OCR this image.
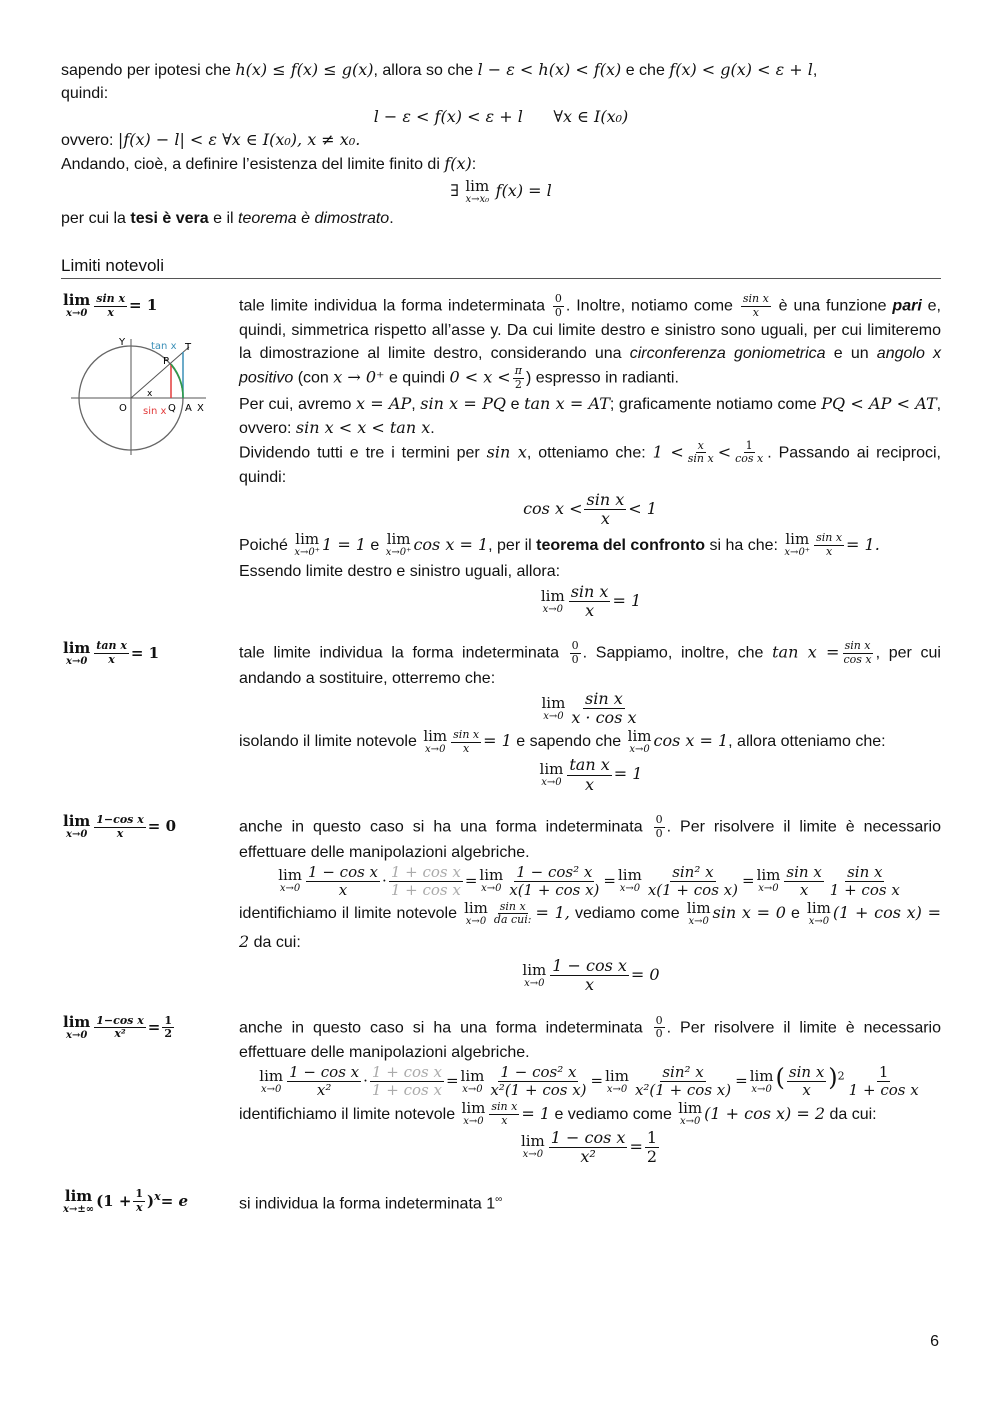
sapendo per ipotesi che h(x) ≤ f(x) ≤ g(x), allora so che l − ε < h(x) < f(x) e che f(x) < g(x) < ε + l,

quindi:

l − ε < f(x) < ε + l      ∀x ∈ I(x₀)

ovvero: |f(x) − l| < ε ∀x ∈ I(x₀), x ≠ x₀.

Andando, cioè, a definire l’esistenza del limite finito di f(x):

∃ lim
x→x₀ f(x) = l

per cui la tesi è vera e il teorema è dimostrato.

Limiti notevoli
lim
$x\to 0 \frac{\text{sin x}}{x} = 1$
Y
X
O	A
Q
P
T
tan x
sin x
x

tale limite individua la forma indeterminata $\frac{0}{0}$ . Inoltre, notiamo come $\frac{\text{sin x}}{x}$ è una funzione pari e, quindi, simmetrica rispetto all’asse y. Da cui limite destro e sinistro sono uguali, per cui limiteremo la dimostrazione al limite destro, considerando una circonferenza goniometrica e un angolo x positivo (con x → 0⁺ e quindi $0 < x < \frac{\pi}{2}$ ) espresso in radianti.

Per cui, avremo x = AP, sin x = PQ e tan x = AT; graficamente notiamo come PQ < AP < AT, ovvero: sin x < x < tan x.

Dividendo tutti e tre i termini per sin x, otteniamo che: $1 < \frac{x}{\text{sin x}} < \frac{1}{\text{cos x}}$ . Passando ai reciproci, quindi:

$\cos x < \frac{\text{sin x}}{x} < 1$

Poiché lim
x→0⁺ 1 = 1 e lim
x→0⁺ cos x = 1, per il teorema del confronto si ha che: lim
$x\to 0^+ \frac{\text{sin x}}{x} = 1$.

Essendo limite destro e sinistro uguali, allora:

lim
$x\to 0 \frac{\text{sin x}}{x} = 1$

lim
$x\to 0 \frac{\text{tan x}}{x} = 1$	tale limite individua la forma indeterminata $\frac{0}{0}$ . Sappiamo, inoltre, che $\tan x = \frac{\text{sin x}}{\text{cos x}}$ , per cui andando a sostituire, otterremo che:

lim
$x\to 0 \frac{\text{sin x}}{\text{x · cos x}}$

isolando il limite notevole lim
$x\to 0 \frac{\text{sin x}}{x} = 1$ e sapendo che lim
x→0 cos x = 1, allora otteniamo che:

lim
$x\to 0 \frac{\text{tan x}}{x} = 1$

lim
$x\to 0 \frac{\text{1−cos x}}{x} = 0$	anche in questo caso si ha una forma indeterminata $\frac{0}{0}$ . Per risolvere il limite è necessario effettuare delle manipolazioni algebriche.

lim
$x\to 0 \frac{\text{1 − cos x}}{x} \cdot \frac{\text{1 + cos x}}{\text{1 + cos x}} = \lim$
$x\to 0 \frac{\text{1 − cos² x}}{\text{x(1 + cos x)}} = \lim$
$x\to 0 \frac{\text{sin² x}}{\text{x(1 + cos x)}} = \lim$
$x\to 0 \frac{\text{sin x}}{x} \frac{\text{sin x}}{\text{1 + cos x}}$

identifichiamo il limite notevole lim
$x\to 0 \frac{\text{sin x}}{\text{da cui:}} = 1$, vediamo come lim
x→0 sin x = 0 e lim
x→0 (1 + cos x) = 2 da cui:

lim
$x\to 0 \frac{\text{1 − cos x}}{x} = 0$

lim
$x\to 0 \frac{\text{1−cos x}}{\text{x²}} = \frac{1}{2}$	anche in questo caso si ha una forma indeterminata $\frac{0}{0}$ . Per risolvere il limite è necessario effettuare delle manipolazioni algebriche.

lim
$x\to 0 \frac{\text{1 − cos x}}{\text{x²}} \cdot \frac{\text{1 + cos x}}{\text{1 + cos x}} = \lim$
$x\to 0 \frac{\text{1 − cos² x}}{\text{x²(1 + cos x)}} = \lim$
$x\to 0 \frac{\text{sin² x}}{\text{x²(1 + cos x)}} = \lim$
x→0 ( $\frac{\text{sin x}}{x} )^2 \frac{1}{\text{1 + cos x}}$

identifichiamo il limite notevole lim
$x\to 0 \frac{\text{sin x}}{x} = 1$ e vediamo come lim
x→0 (1 + cos x) = 2 da cui:

lim
$x\to 0 \frac{\text{1 − cos x}}{\text{x²}} = \frac{1}{2}$

lim
x→±∞ $(1 + \frac{1}{x} )^x= e$	si individua la forma indeterminata 1∞

6
